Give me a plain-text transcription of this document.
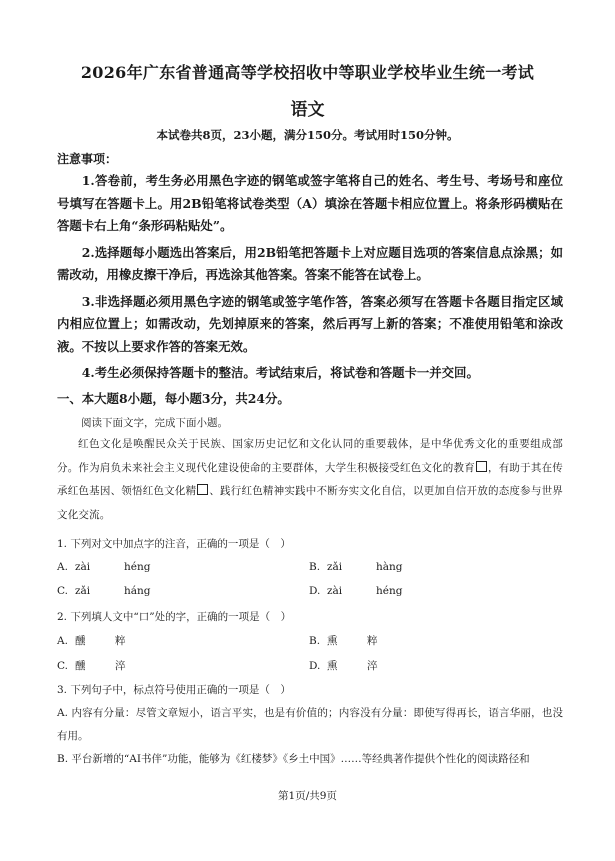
2026年广东省普通高等学校招收中等职业学校毕业生统一考试
语文
本试卷共8页，23小题，满分150分。考试用时150分钟。
注意事项：

1.答卷前，考生务必用黑色字迹的钢笔或签字笔将自己的姓名、考生号、考场号和座位号填写在答题卡上。用2B铅笔将试卷类型（A）填涂在答题卡相应位置上。将条形码横贴在答题卡右上角“条形码粘贴处”。

2.选择题每小题选出答案后，用2B铅笔把答题卡上对应题目选项的答案信息点涂黑；如需改动，用橡皮擦干净后，再选涂其他答案。答案不能答在试卷上。

3.非选择题必须用黑色字迹的钢笔或签字笔作答，答案必须写在答题卡各题目指定区域内相应位置上；如需改动，先划掉原来的答案，然后再写上新的答案；不准使用铅笔和涂改液。不按以上要求作答的答案无效。

4.考生必须保持答题卡的整洁。考试结束后，将试卷和答题卡一并交回。

一、本大题8小题，每小题3分，共24分。
阅读下面文字，完成下面小题。
红色文化是唤醒民众关于民族、国家历史记忆和文化认同的重要载体，是中华优秀文化的重要组成部分。作为肩负未来社会主义现代化建设使命的主要群体，大学生积极接受红色文化的教育 ，有助于其在传承红色基因、领悟红色文化精 、践行红色精神实践中不断夯实文化自信，以更加自信开放的态度参与世界文化交流。
1. 下列对文中加点字的注音，正确的一项是（　）
A. zài	héng	B. zǎi	hàng
C. zǎi	háng	D. zài	héng
2. 下列填人文中“口”处的字，正确的一项是（　）
A. 醺	粹	B. 熏	粹
C. 醺	淬	D. 熏	淬
3. 下列句子中，标点符号使用正确的一项是（　）
A. 内容有分量：尽管文章短小，语言平实，也是有价值的；内容没有分量：即使写得再长，语言华丽，也没有用。
B. 平台新增的“AI书伴”功能，能够为《红楼梦》《乡土中国》……等经典著作提供个性化的阅读路径和
第1页/共9页
